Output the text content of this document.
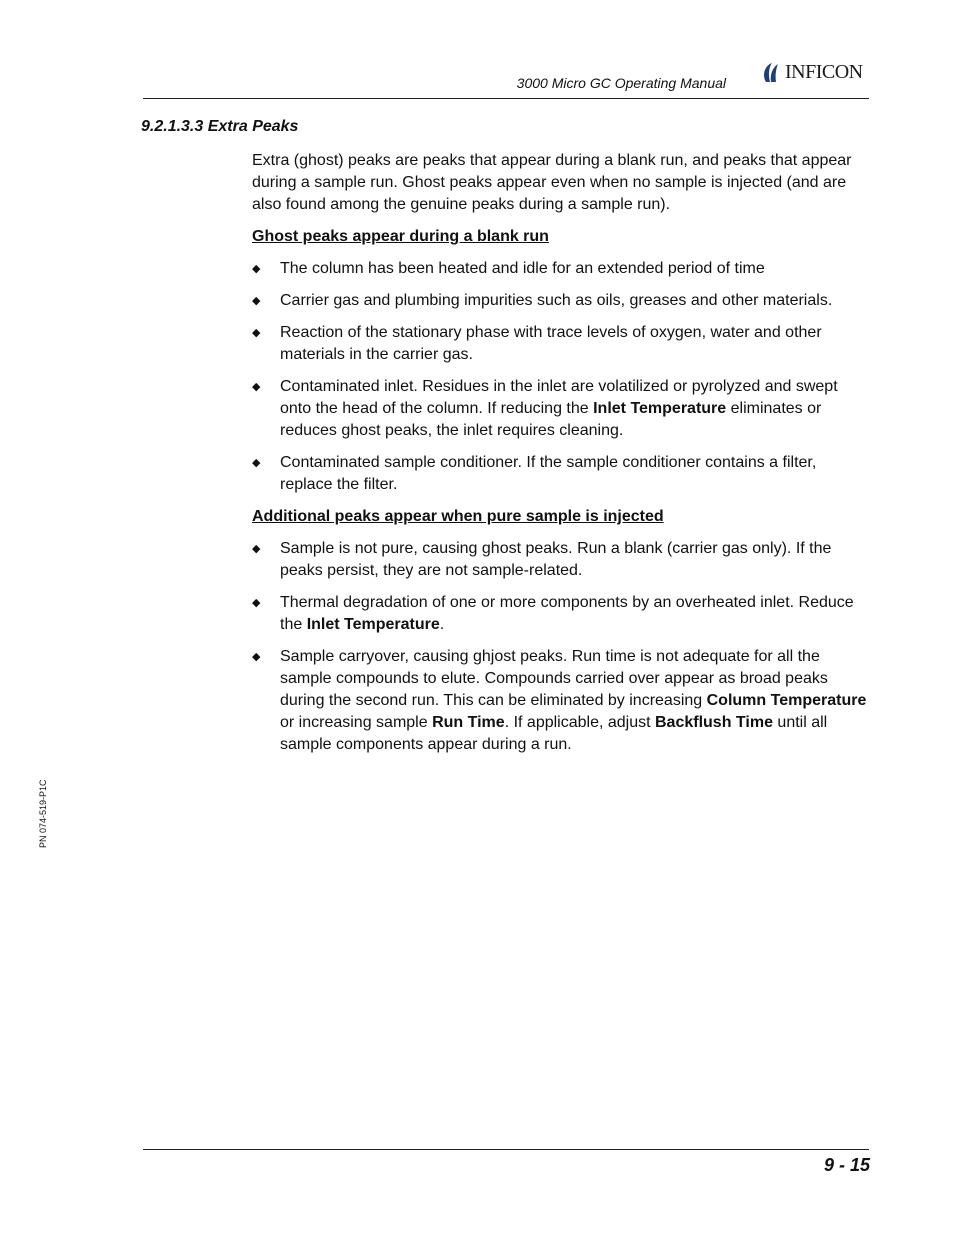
3000 Micro GC Operating Manual
INFICON
9.2.1.3.3 Extra Peaks

Extra (ghost) peaks are peaks that appear during a blank run, and peaks that appear during a sample run. Ghost peaks appear even when no sample is injected (and are also found among the genuine peaks during a sample run).

Ghost peaks appear during a blank run
◆ The column has been heated and idle for an extended period of time
◆ Carrier gas and plumbing impurities such as oils, greases and other materials.
◆ Reaction of the stationary phase with trace levels of oxygen, water and other materials in the carrier gas.
◆ Contaminated inlet. Residues in the inlet are volatilized or pyrolyzed and swept onto the head of the column. If reducing the Inlet Temperature eliminates or reduces ghost peaks, the inlet requires cleaning.
◆ Contaminated sample conditioner. If the sample conditioner contains a filter, replace the filter.
Additional peaks appear when pure sample is injected
◆ Sample is not pure, causing ghost peaks. Run a blank (carrier gas only). If the peaks persist, they are not sample-related.
◆ Thermal degradation of one or more components by an overheated inlet. Reduce the Inlet Temperature.
◆ Sample carryover, causing ghjost peaks. Run time is not adequate for all the sample compounds to elute. Compounds carried over appear as broad peaks during the second run. This can be eliminated by increasing Column Temperature or increasing sample Run Time. If applicable, adjust Backflush Time until all sample components appear during a run.
PN 074-519-P1C
9 - 15
